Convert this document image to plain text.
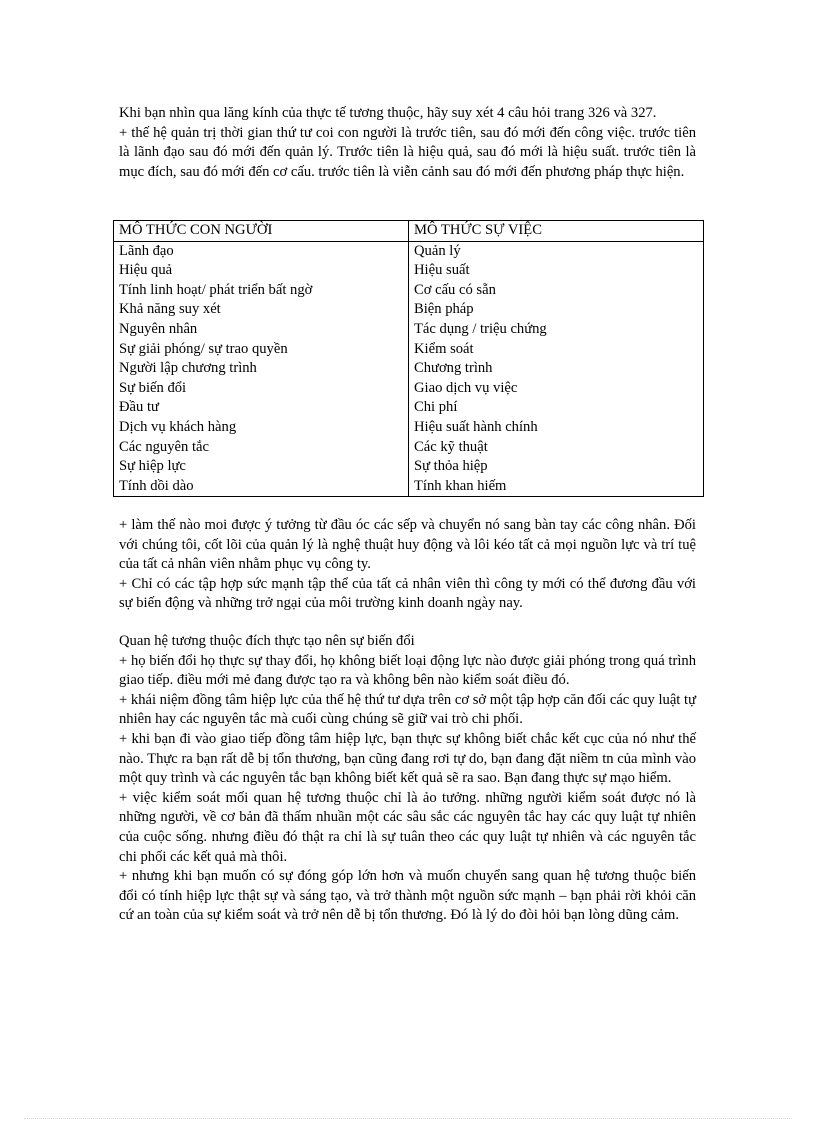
Khi bạn nhìn qua lăng kính của thực tế tương thuộc, hãy suy xét 4 câu hỏi trang 326 và 327.

+ thế hệ quản trị thời gian thứ tư coi con người là trước tiên, sau đó mới đến công việc. trước tiên là lãnh đạo sau đó mới đến quản lý. Trước tiên là hiệu quả, sau đó mới là hiệu suất. trước tiên là mục đích, sau đó mới đến cơ cấu. trước tiên là viễn cảnh sau đó mới đến phương pháp thực hiện.

MÔ THỨC CON NGƯỜI	MÔ THỨC SỰ VIỆC
Lãnh đạo	Quản lý
Hiệu quả	Hiệu suất
Tính linh hoạt/ phát triển bất ngờ	Cơ cấu có sẵn
Khả năng suy xét	Biện pháp
Nguyên nhân	Tác dụng / triệu chứng
Sự giải phóng/ sự trao quyền	Kiểm soát
Người lập chương trình	Chương trình
Sự biến đổi	Giao dịch vụ việc
Đầu tư	Chi phí
Dịch vụ khách hàng	Hiệu suất hành chính
Các nguyên tắc	Các kỹ thuật
Sự hiệp lực	Sự thỏa hiệp
Tính dồi dào	Tính khan hiếm

+ làm thế nào moi được ý tưởng từ đầu óc các sếp và chuyển nó sang bàn tay các công nhân. Đối với chúng tôi, cốt lõi của quản lý là nghệ thuật huy động và lôi kéo tất cả mọi nguồn lực và trí tuệ của tất cả nhân viên nhằm phục vụ công ty.

+ Chỉ có các tập hợp sức mạnh tập thể của tất cả nhân viên thì công ty mới có thể đương đầu với sự biến động và những trở ngại của môi trường kinh doanh ngày nay.

Quan hệ tương thuộc đích thực tạo nên sự biến đổi

+ họ biến đổi họ thực sự thay đổi, họ không biết loại động lực nào được giải phóng trong quá trình giao tiếp. điều mới mẻ đang được tạo ra và không bên nào kiểm soát điều đó.

+ khái niệm đồng tâm hiệp lực của thế hệ thứ tư dựa trên cơ sở một tập hợp căn đối các quy luật tự nhiên hay các nguyên tắc mà cuối cùng chúng sẽ giữ vai trò chi phối.

+ khi bạn đi vào giao tiếp đồng tâm hiệp lực, bạn thực sự không biết chắc kết cục của nó như thế nào. Thực ra bạn rất dễ bị tổn thương, bạn cũng đang rơi tự do, bạn đang đặt niềm tn của mình vào một quy trình và các nguyên tắc bạn không biết kết quả sẽ ra sao. Bạn đang thực sự mạo hiểm.

+ việc kiểm soát mối quan hệ tương thuộc chỉ là ảo tưởng. những người kiểm soát được nó là những người, về cơ bản đã thấm nhuần một các sâu sắc các nguyên tắc hay các quy luật tự nhiên của cuộc sống. nhưng điều đó thật ra chỉ là sự tuân theo các quy luật tự nhiên và các nguyên tắc chi phối các kết quả mà thôi.

+ nhưng khi bạn muốn có sự đóng góp lớn hơn và muốn chuyển sang quan hệ tương thuộc biến đổi có tính hiệp lực thật sự và sáng tạo, và trở thành một nguồn sức mạnh – bạn phải rời khỏi căn cứ an toàn của sự kiểm soát và trở nên dễ bị tổn thương. Đó là lý do đòi hỏi bạn lòng dũng cảm.
